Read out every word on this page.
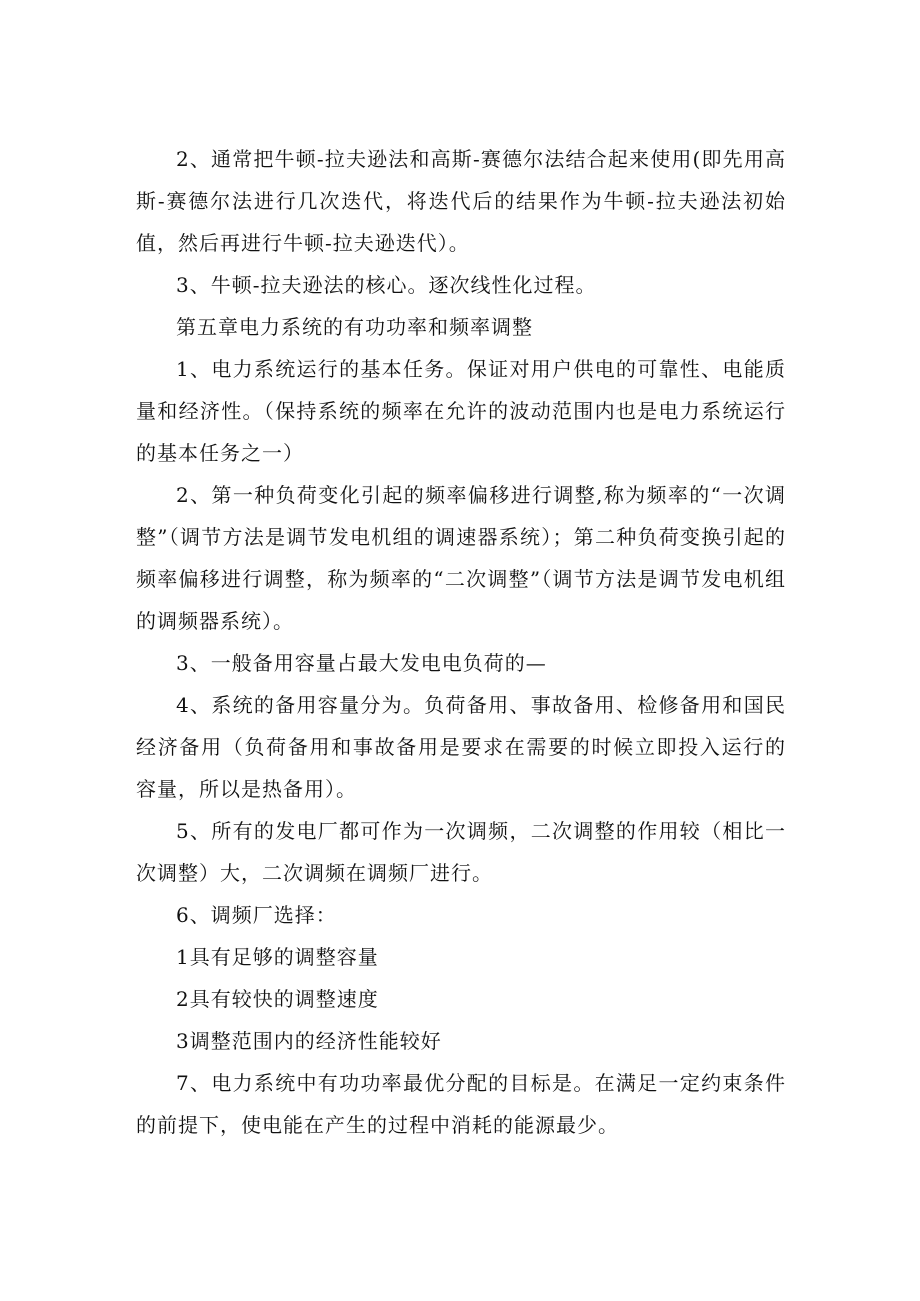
2、通常把牛顿-拉夫逊法和高斯-赛德尔法结合起来使用(即先用高斯-赛德尔法进行几次迭代，将迭代后的结果作为牛顿-拉夫逊法初始值，然后再进行牛顿-拉夫逊迭代）。

3、牛顿-拉夫逊法的核心。逐次线性化过程。

第五章电力系统的有功功率和频率调整

1、电力系统运行的基本任务。保证对用户供电的可靠性、电能质量和经济性。（保持系统的频率在允许的波动范围内也是电力系统运行的基本任务之一）

2、第一种负荷变化引起的频率偏移进行调整,称为频率的“一次调整”（调节方法是调节发电机组的调速器系统）；第二种负荷变换引起的频率偏移进行调整，称为频率的“二次调整”（调节方法是调节发电机组的调频器系统）。

3、一般备用容量占最大发电电负荷的—

4、系统的备用容量分为。负荷备用、事故备用、检修备用和国民经济备用（负荷备用和事故备用是要求在需要的时候立即投入运行的容量，所以是热备用）。

5、所有的发电厂都可作为一次调频，二次调整的作用较（相比一次调整）大，二次调频在调频厂进行。

6、调频厂选择：

1具有足够的调整容量

2具有较快的调整速度

3调整范围内的经济性能较好

7、电力系统中有功功率最优分配的目标是。在满足一定约束条件的前提下，使电能在产生的过程中消耗的能源最少。
